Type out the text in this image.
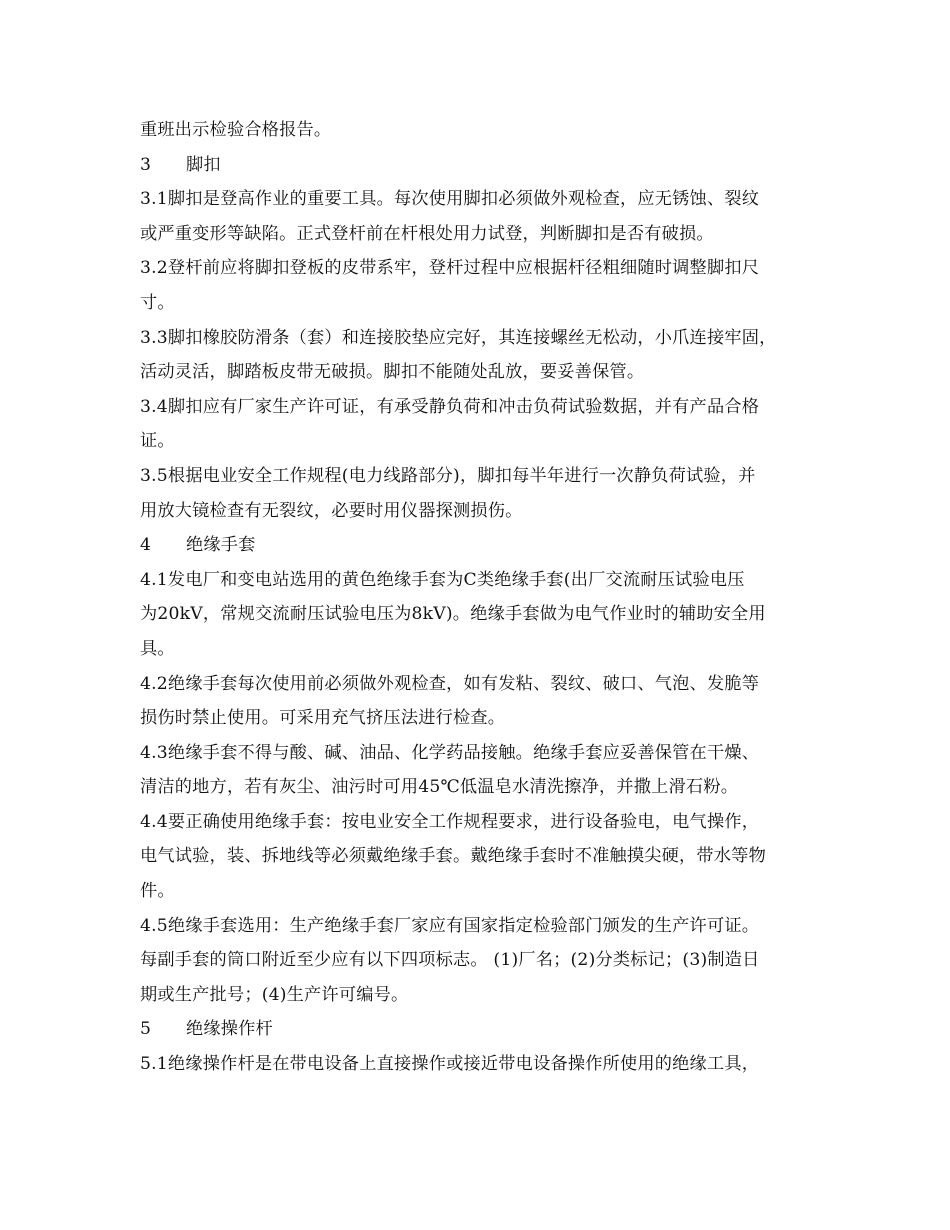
重班出示检验合格报告。
3 脚扣
3.1脚扣是登高作业的重要工具。每次使用脚扣必须做外观检查，应无锈蚀、裂纹
或严重变形等缺陷。正式登杆前在杆根处用力试登，判断脚扣是否有破损。
3.2登杆前应将脚扣登板的皮带系牢，登杆过程中应根据杆径粗细随时调整脚扣尺
寸。
3.3脚扣橡胶防滑条（套）和连接胶垫应完好，其连接螺丝无松动，小爪连接牢固，
活动灵活，脚踏板皮带无破损。脚扣不能随处乱放，要妥善保管。
3.4脚扣应有厂家生产许可证，有承受静负荷和冲击负荷试验数据，并有产品合格
证。
3.5根据电业安全工作规程(电力线路部分)，脚扣每半年进行一次静负荷试验，并
用放大镜检查有无裂纹，必要时用仪器探测损伤。
4 绝缘手套
4.1发电厂和变电站选用的黄色绝缘手套为C类绝缘手套(出厂交流耐压试验电压
为20kV，常规交流耐压试验电压为8kV)。绝缘手套做为电气作业时的辅助安全用
具。
4.2绝缘手套每次使用前必须做外观检查，如有发粘、裂纹、破口、气泡、发脆等
损伤时禁止使用。可采用充气挤压法进行检查。
4.3绝缘手套不得与酸、碱、油品、化学药品接触。绝缘手套应妥善保管在干燥、
清洁的地方，若有灰尘、油污时可用45℃低温皂水清洗擦净，并撒上滑石粉。
4.4要正确使用绝缘手套：按电业安全工作规程要求，进行设备验电，电气操作，
电气试验，装、拆地线等必须戴绝缘手套。戴绝缘手套时不准触摸尖硬，带水等物
件。
4.5绝缘手套选用：生产绝缘手套厂家应有国家指定检验部门颁发的生产许可证。
每副手套的筒口附近至少应有以下四项标志。 (1)厂名；(2)分类标记；(3)制造日
期或生产批号；(4)生产许可编号。
5 绝缘操作杆
5.1绝缘操作杆是在带电设备上直接操作或接近带电设备操作所使用的绝缘工具，
